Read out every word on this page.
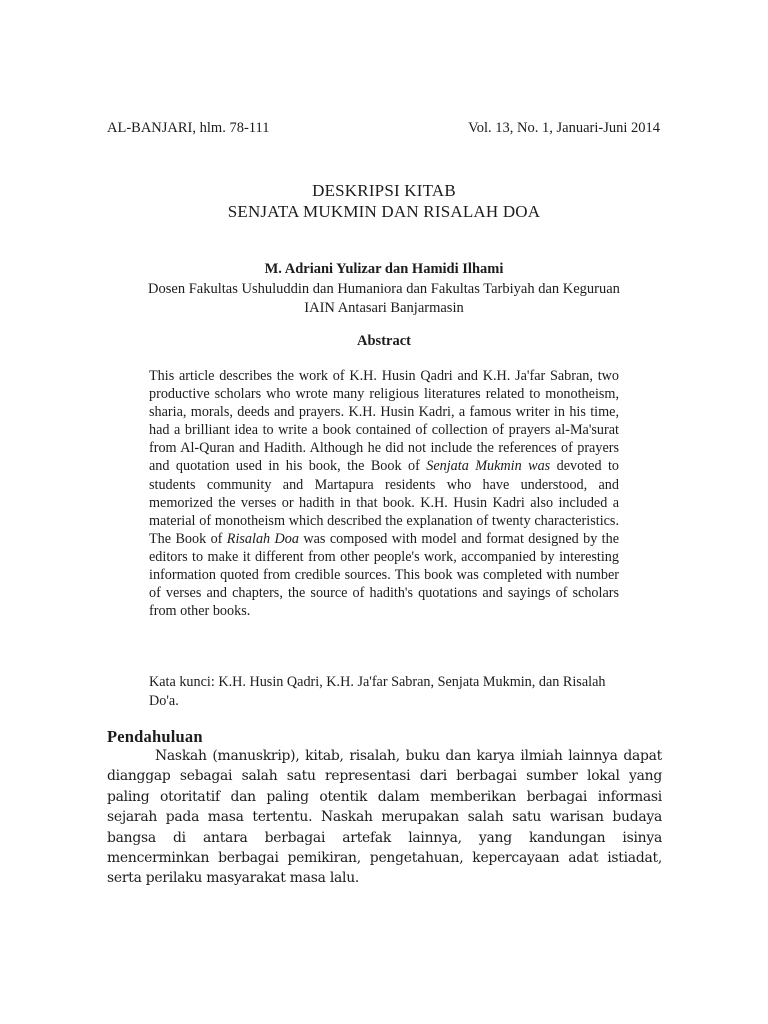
AL-BANJARI, hlm. 78-111	Vol. 13, No. 1, Januari-Juni 2014
DESKRIPSI KITAB
SENJATA MUKMIN DAN RISALAH DOA
M. Adriani Yulizar dan Hamidi Ilhami
Dosen Fakultas Ushuluddin dan Humaniora dan Fakultas Tarbiyah dan Keguruan
IAIN Antasari Banjarmasin
Abstract

This article describes the work of K.H. Husin Qadri and K.H. Ja'far Sabran, two productive scholars who wrote many religious literatures related to monotheism, sharia, morals, deeds and prayers. K.H. Husin Kadri, a famous writer in his time, had a brilliant idea to write a book contained of collection of prayers al-Ma'surat from Al-Quran and Hadith. Although he did not include the references of prayers and quotation used in his book, the Book of Senjata Mukmin was devoted to students community and Martapura residents who have understood, and memorized the verses or hadith in that book. K.H. Husin Kadri also included a material of monotheism which described the explanation of twenty characteristics. The Book of Risalah Doa was composed with model and format designed by the editors to make it different from other people's work, accompanied by interesting information quoted from credible sources. This book was completed with number of verses and chapters, the source of hadith's quotations and sayings of scholars from other books.

Kata kunci: K.H. Husin Qadri, K.H. Ja'far Sabran, Senjata Mukmin, dan Risalah Do'a.
Pendahuluan

Naskah (manuskrip), kitab, risalah, buku dan karya ilmiah lainnya dapat dianggap sebagai salah satu representasi dari berbagai sumber lokal yang paling otoritatif dan paling otentik dalam memberikan berbagai informasi sejarah pada masa tertentu. Naskah merupakan salah satu warisan budaya bangsa di antara berbagai artefak lainnya, yang kandungan isinya mencerminkan berbagai pemikiran, pengetahuan, kepercayaan adat istiadat, serta perilaku masyarakat masa lalu.
